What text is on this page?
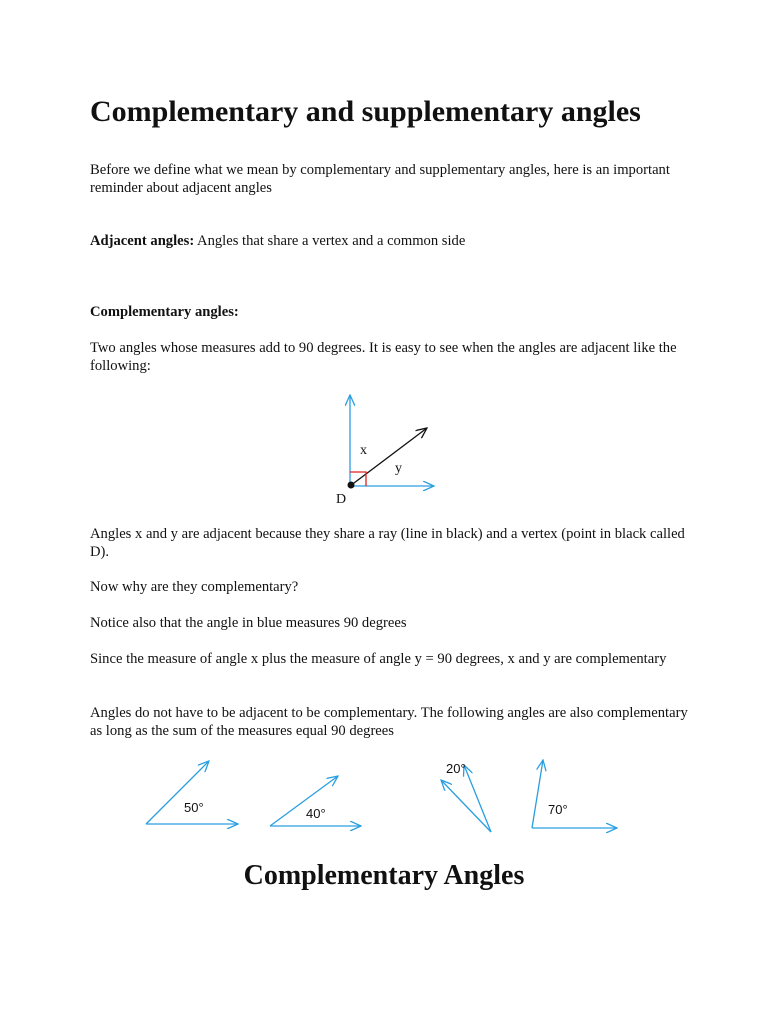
Complementary and supplementary angles

Before we define what we mean by complementary and supplementary angles, here is an important reminder about adjacent angles

Adjacent angles: Angles that share a vertex and a common side

Complementary angles:

Two angles whose measures add to 90 degrees. It is easy to see when the angles are adjacent like the following:

x
y
D

Angles x and y are adjacent because they share a ray (line in black) and a vertex (point in black called D).

Now why are they complementary?

Notice also that the angle in blue measures 90 degrees

Since the measure of angle x plus the measure of angle y = 90 degrees, x and y are complementary

Angles do not have to be adjacent to be complementary. The following angles are also complementary as long as the sum of the measures equal 90 degrees

50°	40°
20°
70°
Complementary Angles
